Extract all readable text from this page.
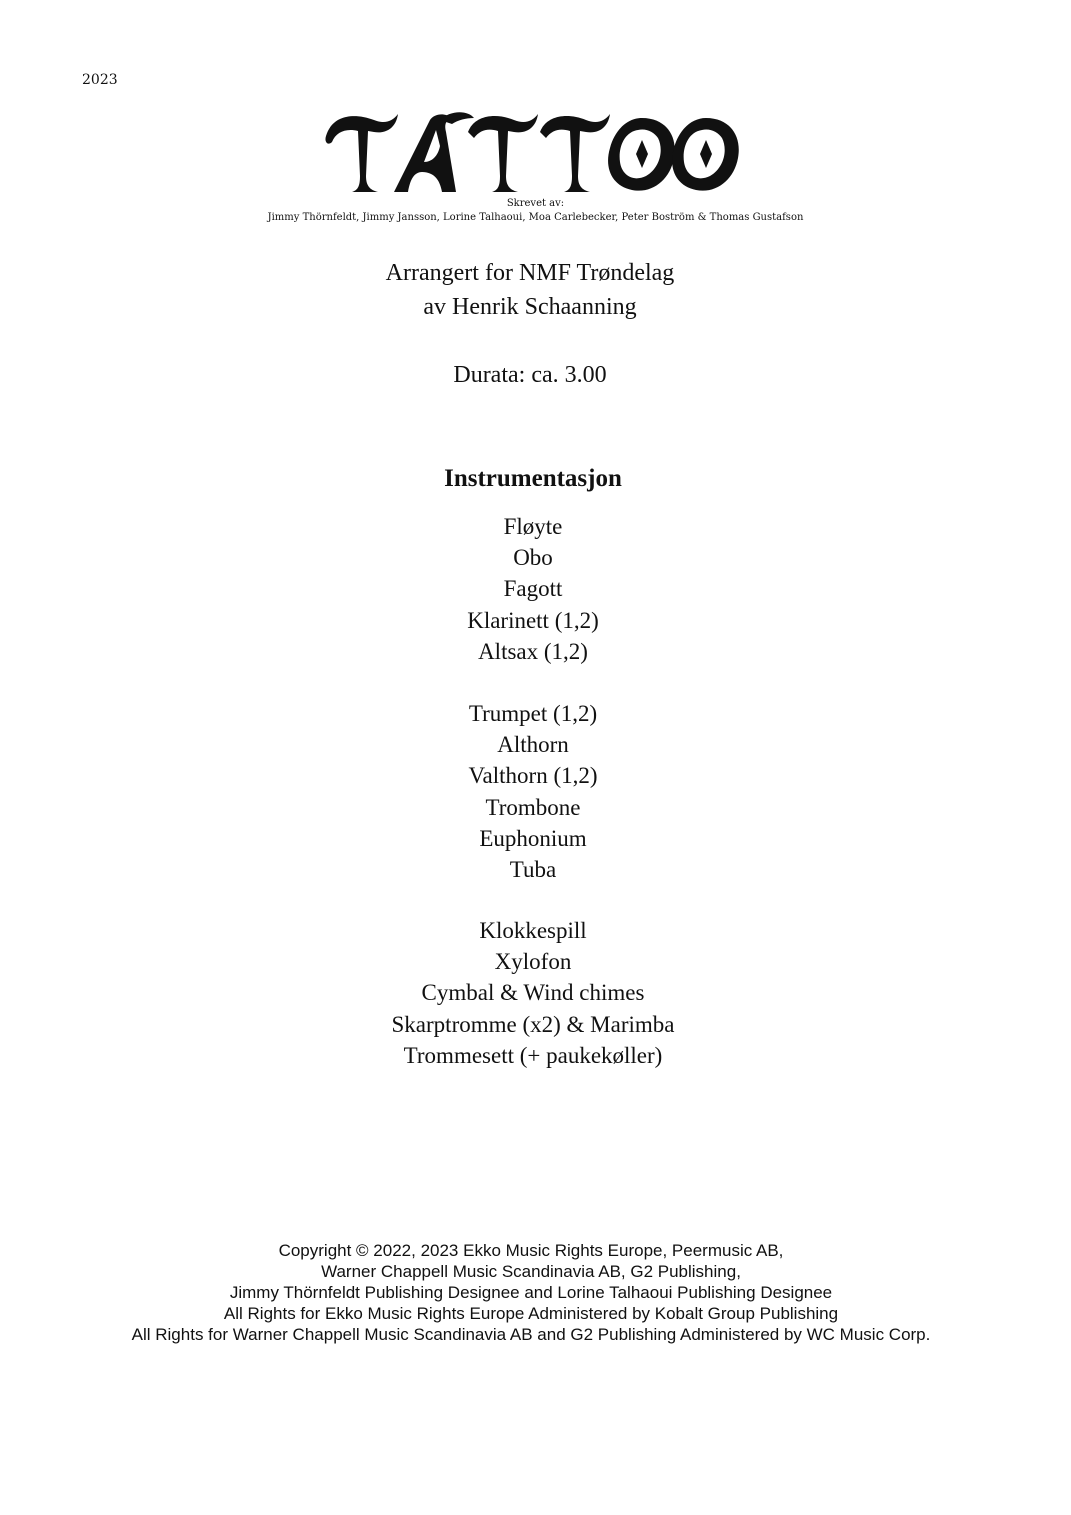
2023
Skrevet av:
Jimmy Thörnfeldt, Jimmy Jansson, Lorine Talhaoui, Moa Carlebecker, Peter Boström & Thomas Gustafson
Arrangert for NMF Trøndelag
av Henrik Schaanning
Durata: ca. 3.00
Instrumentasjon
Fløyte
Obo
Fagott
Klarinett (1,2)
Altsax (1,2)
Trumpet (1,2)
Althorn
Valthorn (1,2)
Trombone
Euphonium
Tuba
Klokkespill
Xylofon
Cymbal & Wind chimes
Skarptromme (x2) & Marimba
Trommesett (+ paukekøller)
Copyright © 2022, 2023 Ekko Music Rights Europe, Peermusic AB,
Warner Chappell Music Scandinavia AB, G2 Publishing,
Jimmy Thörnfeldt Publishing Designee and Lorine Talhaoui Publishing Designee
All Rights for Ekko Music Rights Europe Administered by Kobalt Group Publishing
All Rights for Warner Chappell Music Scandinavia AB and G2 Publishing Administered by WC Music Corp.
